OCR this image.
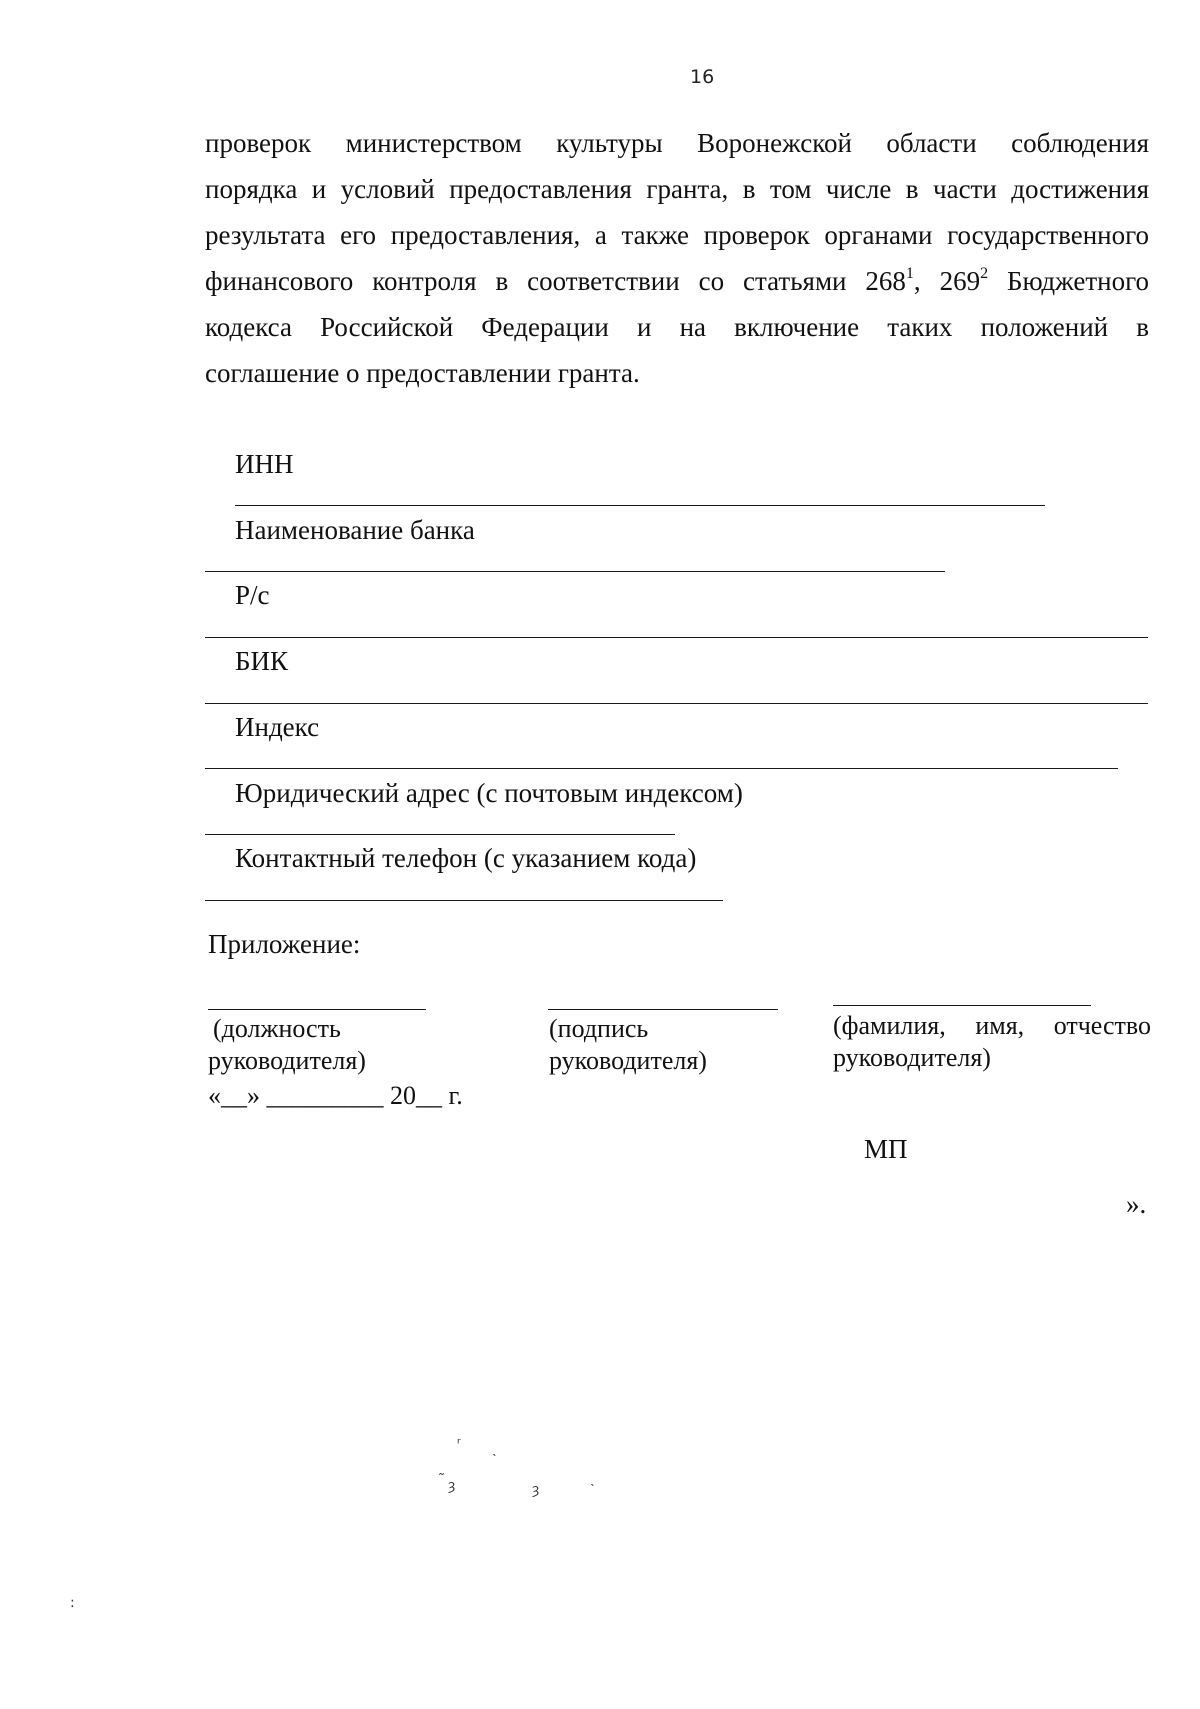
16
проверок министерством культуры Воронежской области соблюдения
порядка и условий предоставления гранта, в том числе в части достижения
результата его предоставления, а также проверок органами государственного
финансового контроля в соответствии со статьями $268^1$, $269^2$ Бюджетного
кодекса Российской Федерации и на включение таких положений в
соглашение о предоставлении гранта.
ИНН
Наименование банка
Р/с
БИК
Индекс
Юридический адрес (с почтовым индексом)
Контактный телефон (с указанием кода)
Приложение:
(должность
руководителя)
(подпись
руководителя)
(фамилия, имя, отчество
руководителя)
«__» _________ 20__ г.
МП
».
ʳ
˴
˜ ȝ	ȝ	˴
:
